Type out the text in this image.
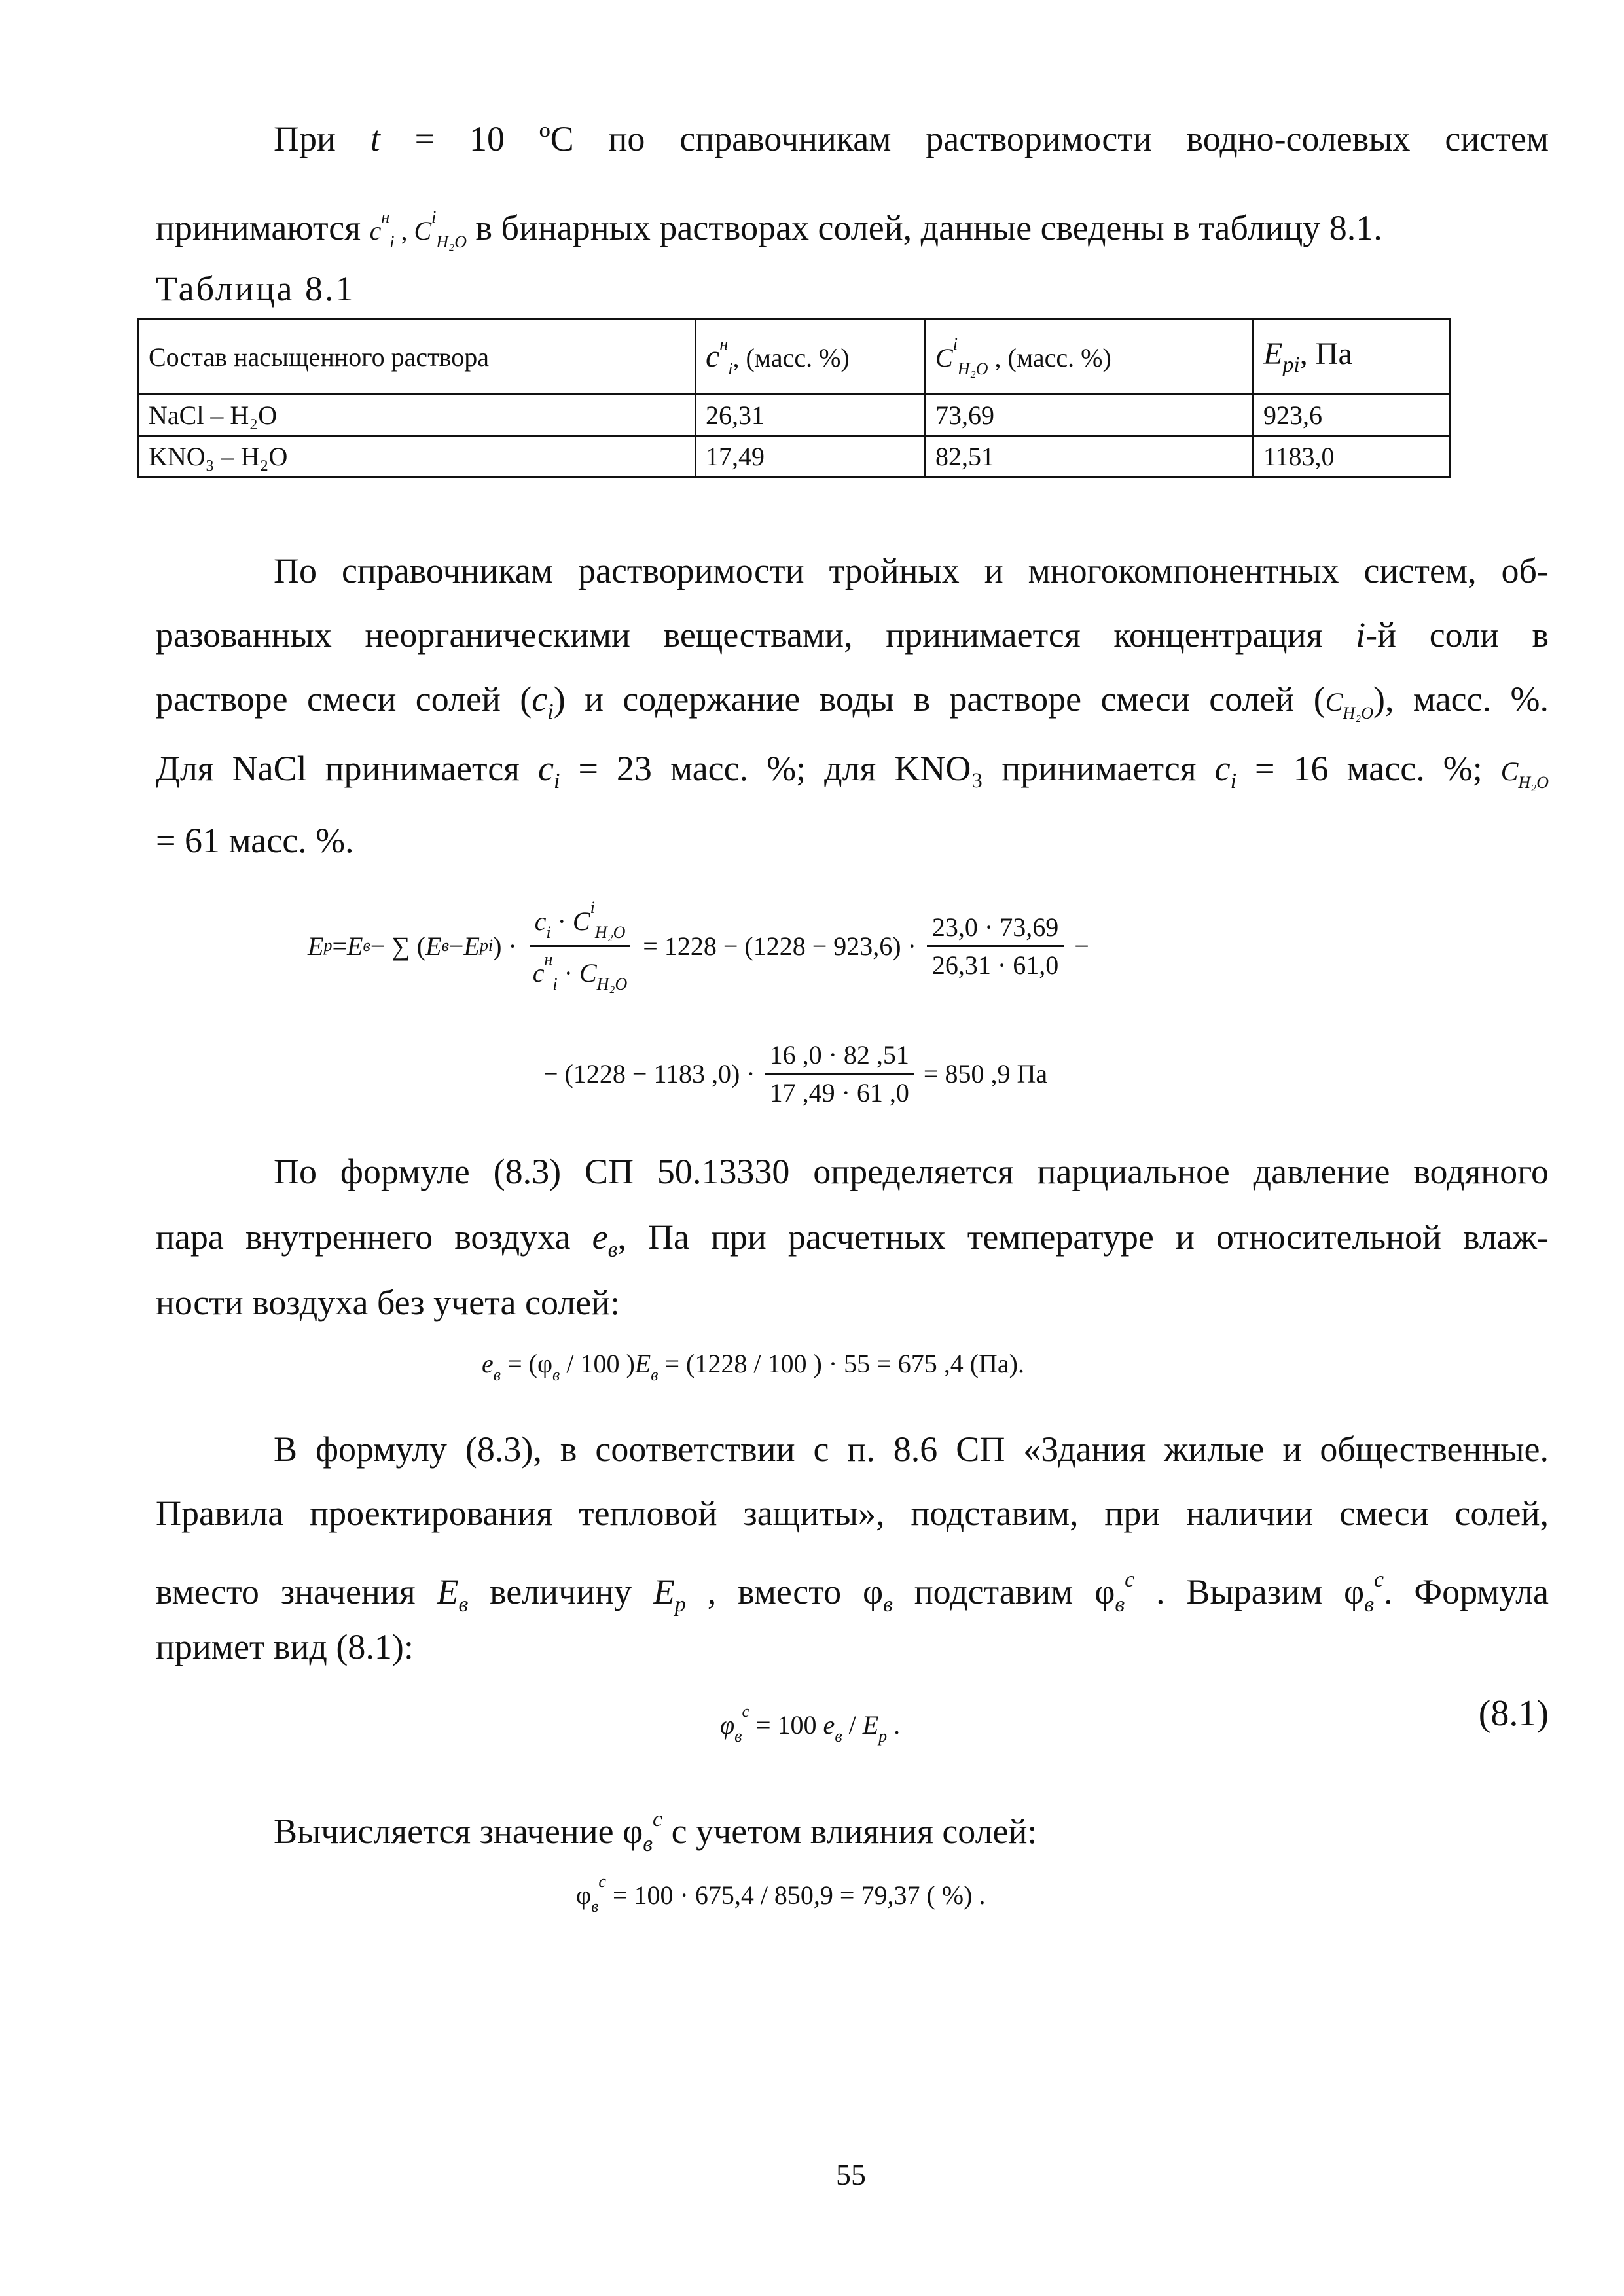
При t = 10 ºС по справочникам растворимости водно-солевых систем
принимаются $c^н_i$ , $C^i_{H_2O}$ в бинарных растворах солей, данные сведены в таблицу 8.1.
Таблица 8.1
Состав насыщенного раствора	$c^н_i$, (масс. %)	$C^i_{H_2O}$ , (масс. %)	$E_{pi}$, Па
NaCl – H₂O	26,31	73,69	923,6
KNO₃ – H₂O	17,49	82,51	1183,0
По справочникам растворимости тройных и многокомпонентных систем, об-
разованных неорганическими веществами, принимается концентрация i-й соли в
растворе смеси солей $(c_i)$ и содержание воды в растворе смеси солей $(C_{H_2O})$, масс. %.
Для NaCl принимается $c_i = 23$ масс. %; для KNO₃ принимается $c_i = 16$ масс. %; $C_{H_2O}$
= 61 масс. %.
E p = E в − ∑ ( E в − E pi ) · $\frac{c_i \cdot C^i_{H_2O}}{c^н_i \cdot C_{H_2O}} = 1228 - (1228 - 923,6) \cdot \frac{23,0 \cdot 73,69}{26,31 \cdot 61,0}$ −
− (1228 − 1183 $,0) \cdot \frac{16 ,0 \cdot 82 ,51}{17 ,49 \cdot 61 ,0} = 850$ ,9 Па
По формуле (8.3) СП 50.13330 определяется парциальное давление водяного
пара внутреннего воздуха $e_в$, Па при расчетных температуре и относительной влаж-
ности воздуха без учета солей:
$e_в = (\varphi_в / 100$ )$E_в = (1228 / 100$ ) · 55 = 675 ,4 (Па).
В формулу (8.3), в соответствии с п. 8.6 СП «Здания жилые и общественные.
Правила проектирования тепловой защиты», подставим, при наличии смеси солей,
вместо значения $E_в$ величину $E_p$ , вместо $\varphi_в$ подставим $\varphi_в^c$ . Выразим $\varphi_в^c$. Формула
примет вид (8.1):
$\varphi_в^c = 100$ $e_в / E_p$ .	(8.1)
Вычисляется значение $\varphi_в^c$ с учетом влияния солей:
$\varphi_в^c = 100 \cdot 675,4 / 850,9 = 79,37$ ( %) .
55
